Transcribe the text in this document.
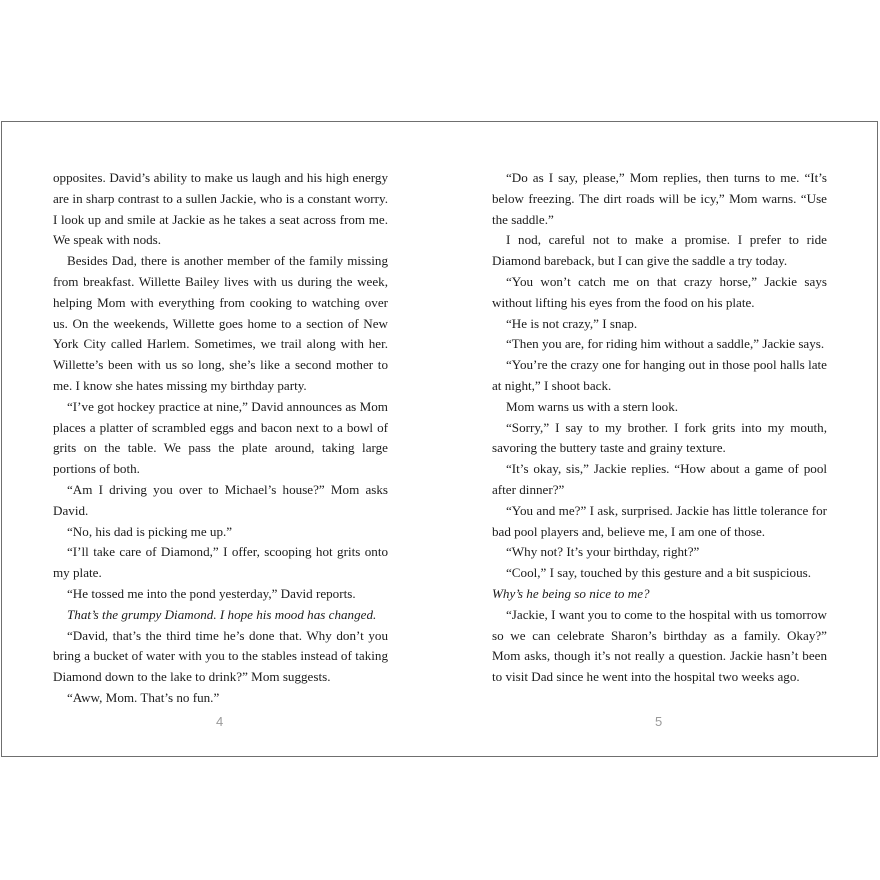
opposites. David’s ability to make us laugh and his high energy are in sharp contrast to a sullen Jackie, who is a constant worry. I look up and smile at Jackie as he takes a seat across from me. We speak with nods.

Besides Dad, there is another member of the family missing from breakfast. Willette Bailey lives with us during the week, helping Mom with everything from cooking to watching over us. On the weekends, Willette goes home to a section of New York City called Harlem. Sometimes, we trail along with her. Willette’s been with us so long, she’s like a second mother to me. I know she hates missing my birthday party.

“I’ve got hockey practice at nine,” David announces as Mom places a platter of scrambled eggs and bacon next to a bowl of grits on the table. We pass the plate around, taking large portions of both.

“Am I driving you over to Michael’s house?” Mom asks David.

“No, his dad is picking me up.”

“I’ll take care of Diamond,” I offer, scooping hot grits onto my plate.

“He tossed me into the pond yesterday,” David reports.

That’s the grumpy Diamond. I hope his mood has changed.

“David, that’s the third time he’s done that. Why don’t you bring a bucket of water with you to the stables instead of taking Diamond down to the lake to drink?” Mom suggests.

“Aww, Mom. That’s no fun.”

“Do as I say, please,” Mom replies, then turns to me. “It’s below freezing. The dirt roads will be icy,” Mom warns. “Use the saddle.”

I nod, careful not to make a promise. I prefer to ride Diamond bareback, but I can give the saddle a try today.

“You won’t catch me on that crazy horse,” Jackie says without lifting his eyes from the food on his plate.

“He is not crazy,” I snap.

“Then you are, for riding him without a saddle,” Jackie says.

“You’re the crazy one for hanging out in those pool halls late at night,” I shoot back.

Mom warns us with a stern look.

“Sorry,” I say to my brother. I fork grits into my mouth, savoring the buttery taste and grainy texture.

“It’s okay, sis,” Jackie replies. “How about a game of pool after dinner?”

“You and me?” I ask, surprised. Jackie has little tolerance for bad pool players and, believe me, I am one of those.

“Why not? It’s your birthday, right?”

“Cool,” I say, touched by this gesture and a bit suspicious.

Why’s he being so nice to me?

“Jackie, I want you to come to the hospital with us tomorrow so we can celebrate Sharon’s birthday as a family. Okay?” Mom asks, though it’s not really a question. Jackie hasn’t been to visit Dad since he went into the hospital two weeks ago.

4	5
